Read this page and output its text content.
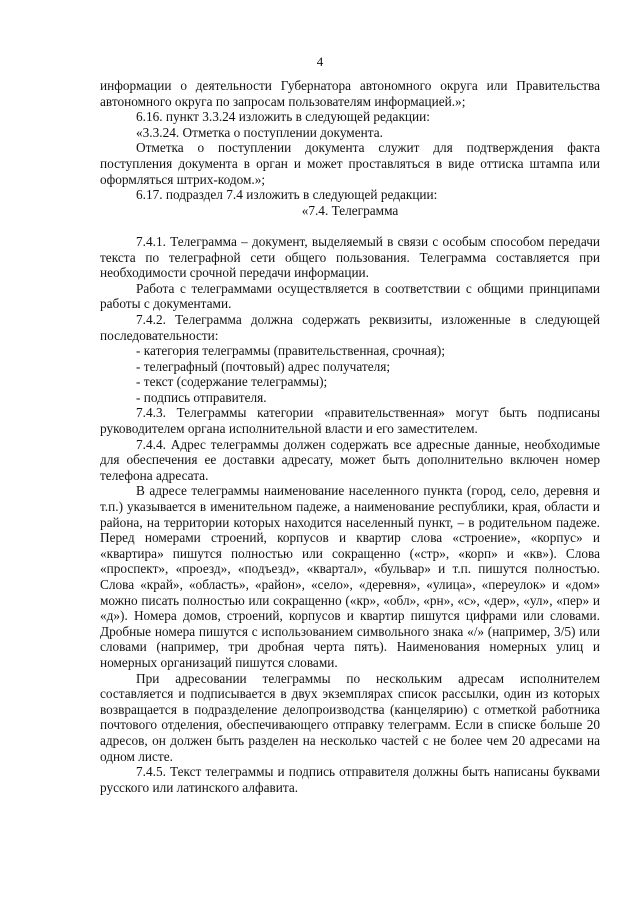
4

информации о деятельности Губернатора автономного округа или Правительства автономного округа по запросам пользователям информацией.»;

6.16. пункт 3.3.24 изложить в следующей редакции:

«3.3.24. Отметка о поступлении документа.

Отметка о поступлении документа служит для подтверждения факта поступления документа в орган и может проставляться в виде оттиска штампа или оформляться штрих-кодом.»;

6.17. подраздел 7.4 изложить в следующей редакции:

«7.4. Телеграмма

7.4.1. Телеграмма – документ, выделяемый в связи с особым способом передачи текста по телеграфной сети общего пользования. Телеграмма составляется при необходимости срочной передачи информации.

Работа с телеграммами осуществляется в соответствии с общими принципами работы с документами.

7.4.2. Телеграмма должна содержать реквизиты, изложенные в следующей последовательности:

- категория телеграммы (правительственная, срочная);

- телеграфный (почтовый) адрес получателя;

- текст (содержание телеграммы);

- подпись отправителя.

7.4.3. Телеграммы категории «правительственная» могут быть подписаны руководителем органа исполнительной власти и его заместителем.

7.4.4. Адрес телеграммы должен содержать все адресные данные, необходимые для обеспечения ее доставки адресату, может быть дополнительно включен номер телефона адресата.

В адресе телеграммы наименование населенного пункта (город, село, деревня и т.п.) указывается в именительном падеже, а наименование республики, края, области и района, на территории которых находится населенный пункт, – в родительном падеже. Перед номерами строений, корпусов и квартир слова «строение», «корпус» и «квартира» пишутся полностью или сокращенно («стр», «корп» и «кв»). Слова «проспект», «проезд», «подъезд», «квартал», «бульвар» и т.п. пишутся полностью. Слова «край», «область», «район», «село», «деревня», «улица», «переулок» и «дом» можно писать полностью или сокращенно («кр», «обл», «рн», «с», «дер», «ул», «пер» и «д»). Номера домов, строений, корпусов и квартир пишутся цифрами или словами. Дробные номера пишутся с использованием символьного знака «/» (например, 3/5) или словами (например, три дробная черта пять). Наименования номерных улиц и номерных организаций пишутся словами.

При адресовании телеграммы по нескольким адресам исполнителем составляется и подписывается в двух экземплярах список рассылки, один из которых возвращается в подразделение делопроизводства (канцелярию) с отметкой работника почтового отделения, обеспечивающего отправку телеграмм. Если в списке больше 20 адресов, он должен быть разделен на несколько частей с не более чем 20 адресами на одном листе.

7.4.5. Текст телеграммы и подпись отправителя должны быть написаны буквами русского или латинского алфавита.
